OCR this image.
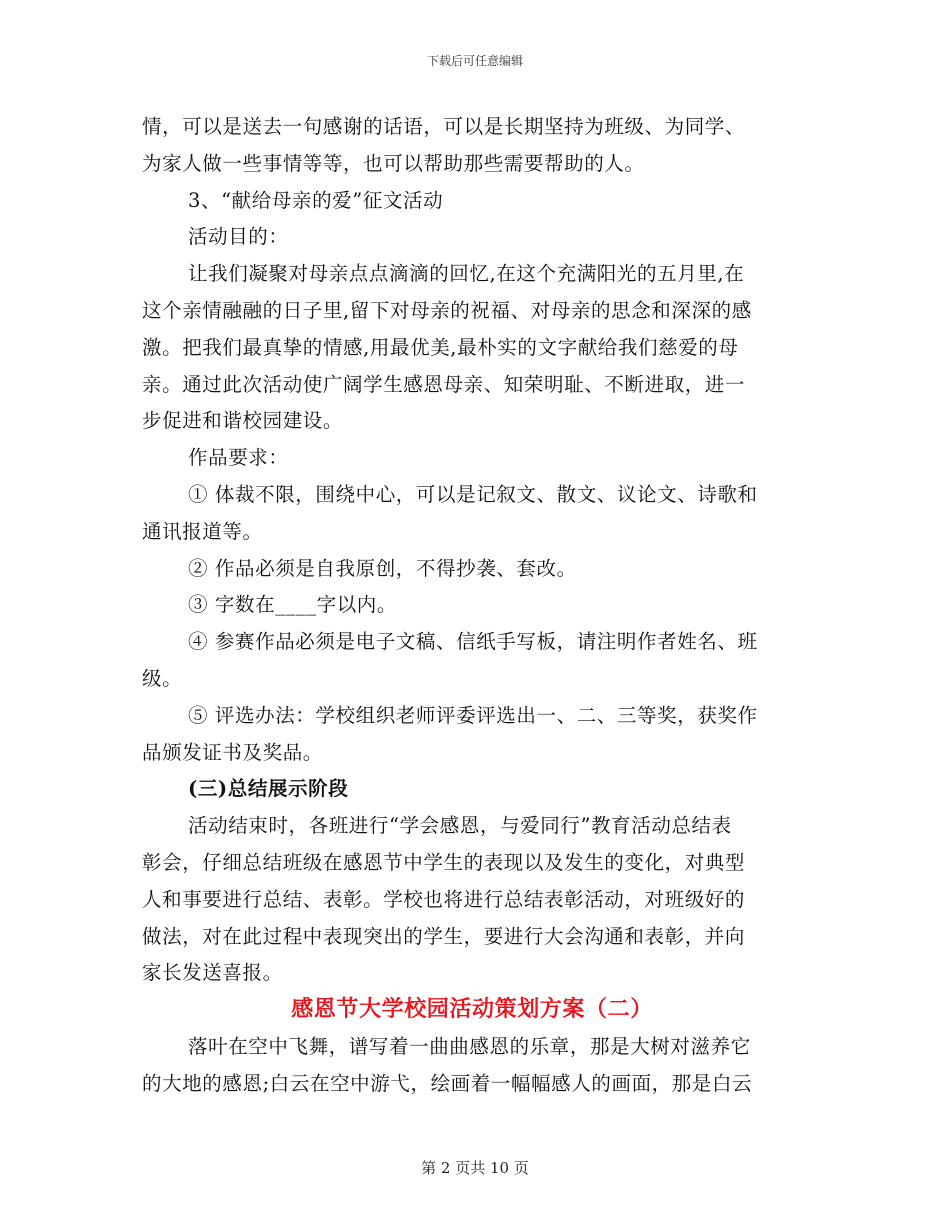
下载后可任意编辑
情，可以是送去一句感谢的话语，可以是长期坚持为班级、为同学、
为家人做一些事情等等，也可以帮助那些需要帮助的人。
3、“献给母亲的爱”征文活动
活动目的：
让我们凝聚对母亲点点滴滴的回忆,在这个充满阳光的五月里,在
这个亲情融融的日子里,留下对母亲的祝福、对母亲的思念和深深的感
激。把我们最真挚的情感,用最优美,最朴实的文字献给我们慈爱的母
亲。通过此次活动使广阔学生感恩母亲、知荣明耻、不断进取，进一
步促进和谐校园建设。
作品要求：
① 体裁不限，围绕中心，可以是记叙文、散文、议论文、诗歌和
通讯报道等。
② 作品必须是自我原创，不得抄袭、套改。
③ 字数在____字以内。
④ 参赛作品必须是电子文稿、信纸手写板，请注明作者姓名、班
级。
⑤ 评选办法：学校组织老师评委评选出一、二、三等奖，获奖作
品颁发证书及奖品。
(三)总结展示阶段
活动结束时，各班进行“学会感恩，与爱同行”教育活动总结表
彰会，仔细总结班级在感恩节中学生的表现以及发生的变化，对典型
人和事要进行总结、表彰。学校也将进行总结表彰活动，对班级好的
做法，对在此过程中表现突出的学生，要进行大会沟通和表彰，并向
家长发送喜报。
感恩节大学校园活动策划方案（二）
落叶在空中飞舞，谱写着一曲曲感恩的乐章，那是大树对滋养它
的大地的感恩;白云在空中游弋，绘画着一幅幅感人的画面，那是白云
第 2 页共 10 页
